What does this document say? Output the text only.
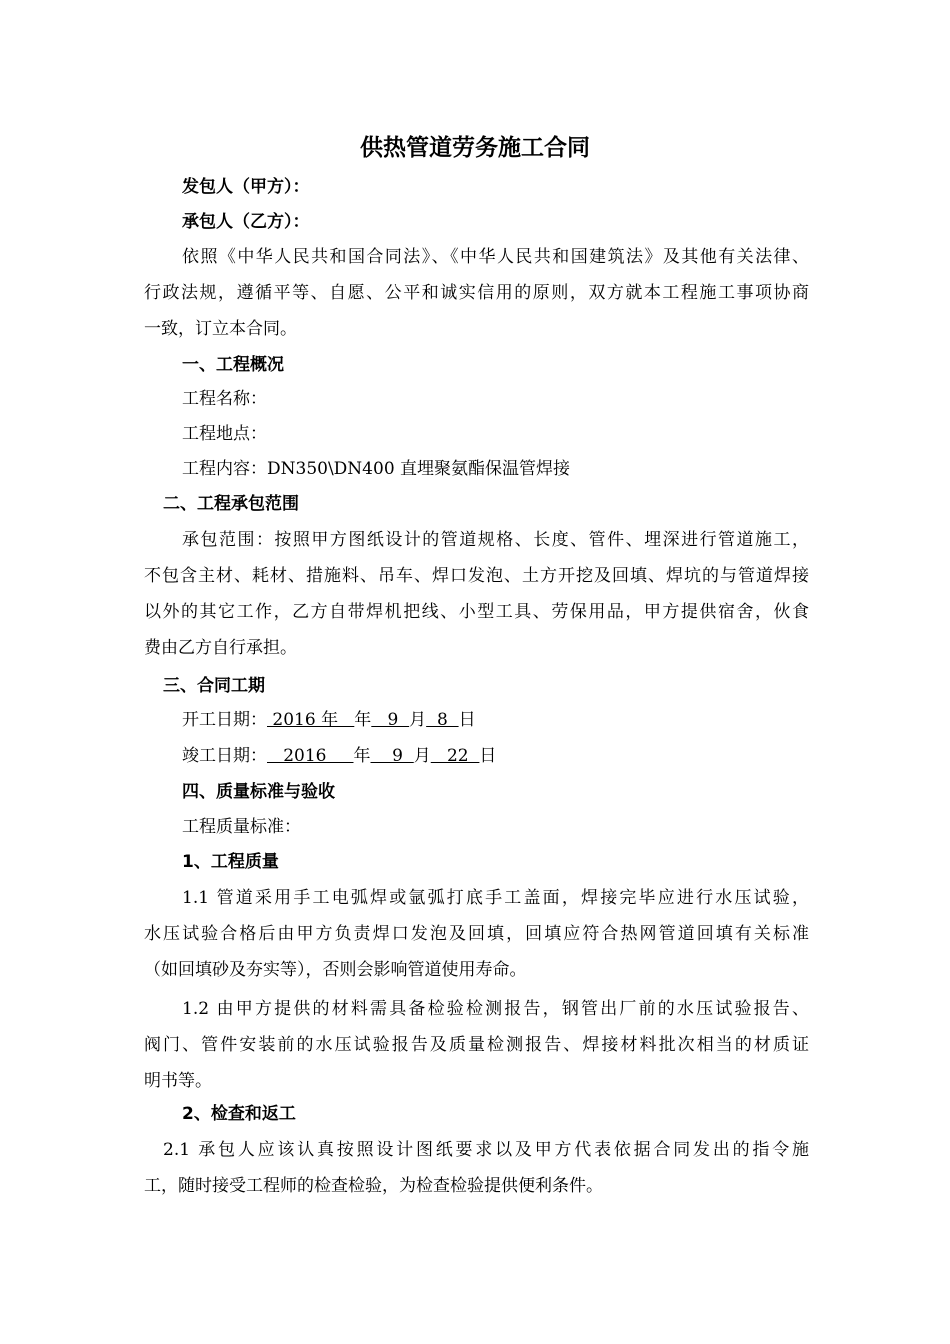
供热管道劳务施工合同
发包人（甲方）：
承包人（乙方）：
依照《中华人民共和国合同法》、《中华人民共和国建筑法》及其他有关法律、
行政法规，遵循平等、自愿、公平和诚实信用的原则，双方就本工程施工事项协商
一致，订立本合同。
一、工程概况
工程名称：
工程地点：
工程内容：DN350\DN400 直埋聚氨酯保温管焊接
二、工程承包范围
承包范围：按照甲方图纸设计的管道规格、长度、管件、埋深进行管道施工，
不包含主材、耗材、措施料、吊车、焊口发泡、土方开挖及回填、焊坑的与管道焊接
以外的其它工作，乙方自带焊机把线、小型工具、劳保用品，甲方提供宿舍，伙食
费由乙方自行承担。
三、合同工期
开工日期： 2016 年   年   9  月  8  日
竣工日期：   2016     年    9  月   22  日
四、质量标准与验收
工程质量标准：
1、工程质量
1.1 管道采用手工电弧焊或氩弧打底手工盖面，焊接完毕应进行水压试验，
水压试验合格后由甲方负责焊口发泡及回填，回填应符合热网管道回填有关标准
（如回填砂及夯实等），否则会影响管道使用寿命。
1.2 由甲方提供的材料需具备检验检测报告，钢管出厂前的水压试验报告、
阀门、管件安装前的水压试验报告及质量检测报告、焊接材料批次相当的材质证
明书等。
2、检查和返工
2.1 承包人应该认真按照设计图纸要求以及甲方代表依据合同发出的指令施
工，随时接受工程师的检查检验，为检查检验提供便利条件。
